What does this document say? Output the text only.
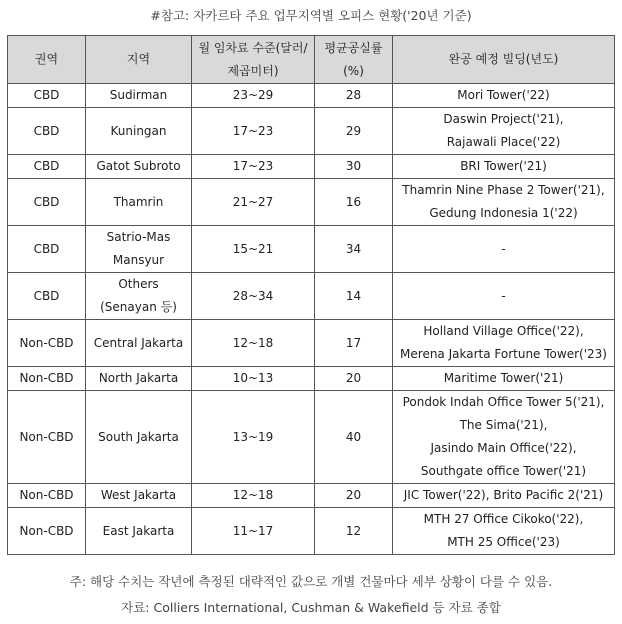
#참고: 자카르타 주요 업무지역별 오피스 현황('20년 기준)
권역	지역	월 임차료 수준(달러/제곱미터)	평균공실률(%)	완공 예정 빌딩(년도)
CBD	Sudirman	23~29	28	Mori Tower('22)

CBD	Kuningan	17~23	29	Daswin Project('21),
Rajawali Place('22)

CBD	Gatot Subroto	17~23	30	BRI Tower('21)

CBD	Thamrin	21~27	16	Thamrin Nine Phase 2 Tower('21),
Gedung Indonesia 1('22)

CBD	Satrio-Mas
Mansyur	15~21	34	-

CBD	Others
(Senayan 등)	28~34	14	-

Non-CBD	Central Jakarta	12~18	17	Holland Village Office('22),
Merena Jakarta Fortune Tower('23)

Non-CBD	North Jakarta	10~13	20	Maritime Tower('21)

Non-CBD	South Jakarta	13~19	40	Pondok Indah Office Tower 5('21),
The Sima('21),
Jasindo Main Office('22),
Southgate office Tower('21)

Non-CBD	West Jakarta	12~18	20	JIC Tower('22), Brito Pacific 2('21)

Non-CBD	East Jakarta	11~17	12	MTH 27 Office Cikoko('22),
MTH 25 Office('23)
주: 해당 수치는 작년에 측정된 대략적인 값으로 개별 건물마다 세부 상황이 다를 수 있음.
자료: Colliers International, Cushman & Wakefield 등 자료 종합
